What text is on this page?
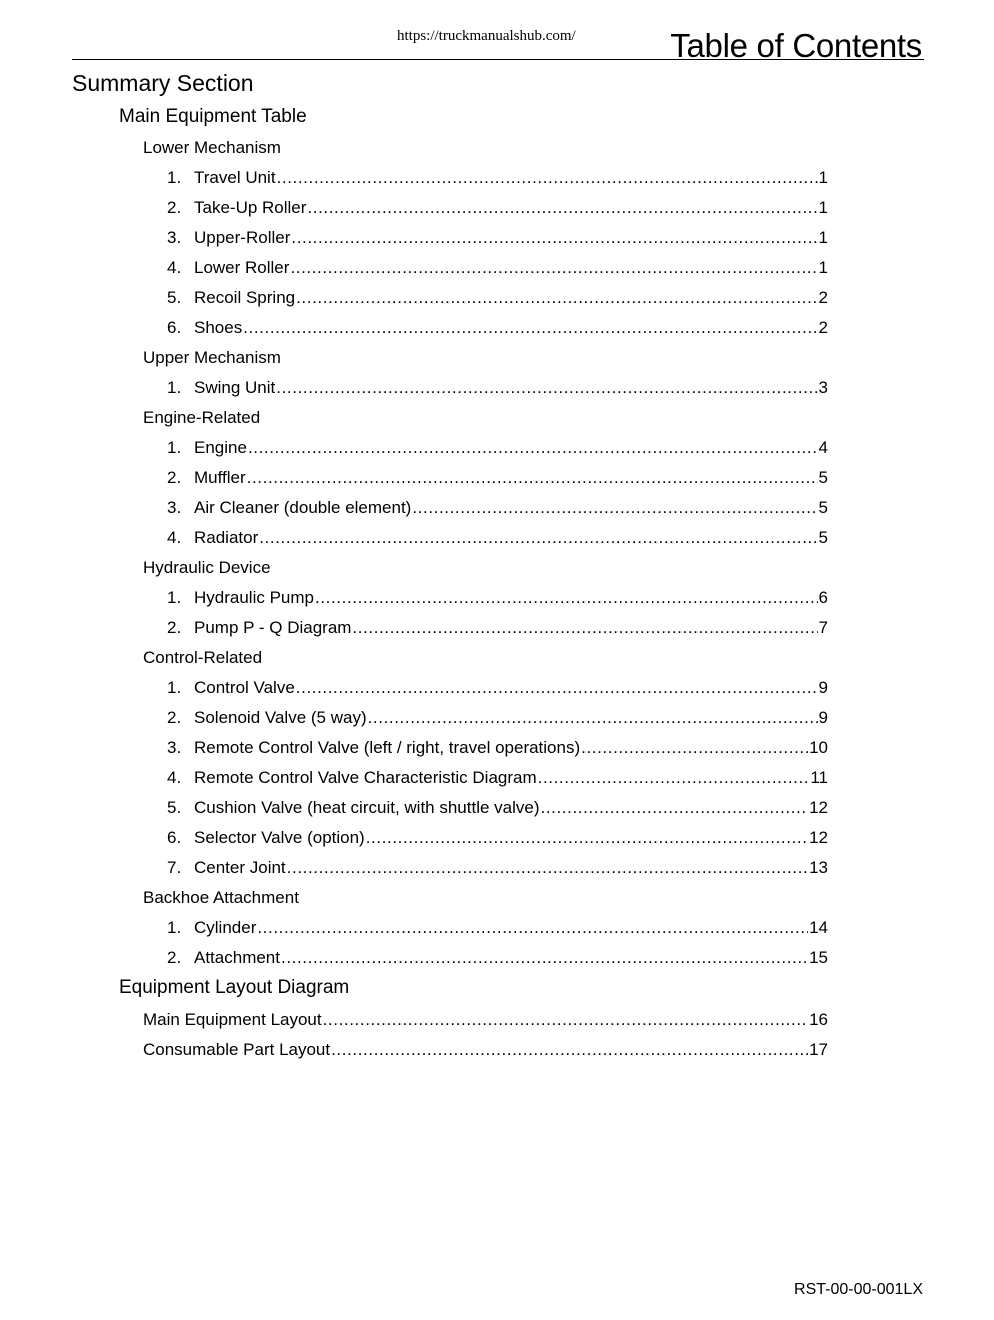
https://truckmanualshub.com/	Table of Contents
Summary Section
Main Equipment Table
Lower Mechanism
1. Travel Unit .....	1
2. Take-Up Roller .....	1
3. Upper-Roller .....	1
4. Lower Roller .....	1
5. Recoil Spring .....	2
6. Shoes .....	2
Upper Mechanism
1. Swing Unit .....	3
Engine-Related
1. Engine .....	4
2. Muffler .....	5
3. Air Cleaner (double element) .....	5
4. Radiator .....	5
Hydraulic Device
1. Hydraulic Pump .....	6
2. Pump P - Q Diagram .....	7
Control-Related
1. Control Valve .....	9
2. Solenoid Valve (5 way) .....	9
3. Remote Control Valve (left / right, travel operations) .....	10
4. Remote Control Valve Characteristic Diagram .....	11
5. Cushion Valve (heat circuit, with shuttle valve) .....	12
6. Selector Valve (option) .....	12
7. Center Joint .....	13
Backhoe Attachment
1. Cylinder .....	14
2. Attachment .....	15
Equipment Layout Diagram
Main Equipment Layout .....	16
Consumable Part Layout .....	17
RST-00-00-001LX
